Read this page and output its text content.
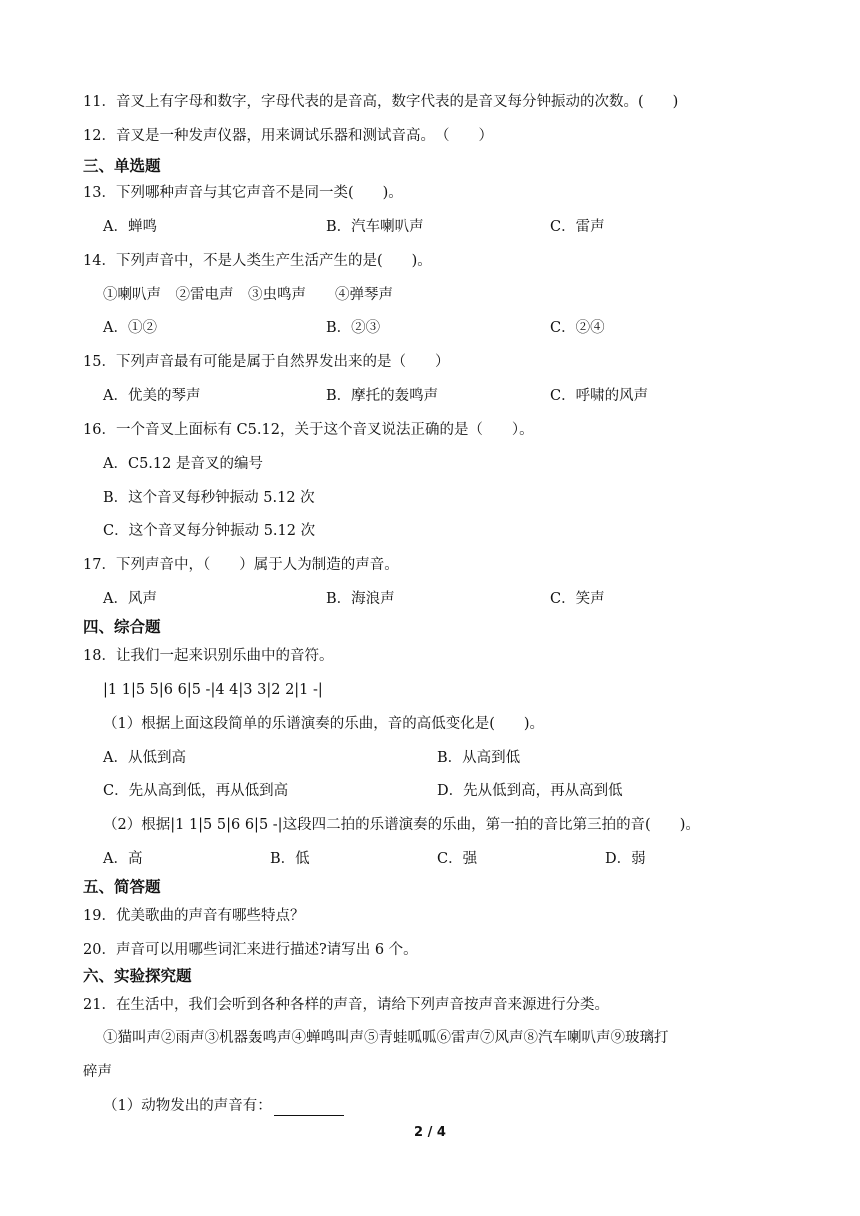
11．音叉上有字母和数字，字母代表的是音高，数字代表的是音叉每分钟振动的次数。(　　)
12．音叉是一种发声仪器，用来调试乐器和测试音高。　（　　）
三、单选题
13．下列哪种声音与其它声音不是同一类(　　)。
A．蝉鸣	B．汽车喇叭声	C．雷声
14．下列声音中，不是人类生产生活产生的是(　　)。
①喇叭声　②雷电声　③虫鸣声　　④弹琴声
A．①②	B．②③	C．②④
15．下列声音最有可能是属于自然界发出来的是（　　）
A．优美的琴声	B．摩托的轰鸣声	C．呼啸的风声
16．一个音叉上面标有 C5.12，关于这个音叉说法正确的是（　　）。
A．C5.12 是音叉的编号
B．这个音叉每秒钟振动 5.12 次
C．这个音叉每分钟振动 5.12 次
17．下列声音中，（　　）属于人为制造的声音。
A．风声	B．海浪声	C．笑声
四、综合题
18．让我们一起来识别乐曲中的音符。
|1 1|5 5|6 6|5 -|4 4|3 3|2 2|1 -|
（1）根据上面这段简单的乐谱演奏的乐曲，音的高低变化是(　　)。
A．从低到高	B．从高到低
C．先从高到低，再从低到高	D．先从低到高，再从高到低
（2）根据|1 1|5 5|6 6|5 -|这段四二拍的乐谱演奏的乐曲，第一拍的音比第三拍的音(　　)。
A．高	B．低	C．强	D．弱
五、简答题
19．优美歌曲的声音有哪些特点？
20．声音可以用哪些词汇来进行描述?请写出 6 个。
六、实验探究题
21．在生活中，我们会听到各种各样的声音，请给下列声音按声音来源进行分类。
①猫叫声②雨声③机器轰鸣声④蝉鸣叫声⑤青蛙呱呱⑥雷声⑦风声⑧汽车喇叭声⑨玻璃打
碎声
（1）动物发出的声音有：
2 / 4
